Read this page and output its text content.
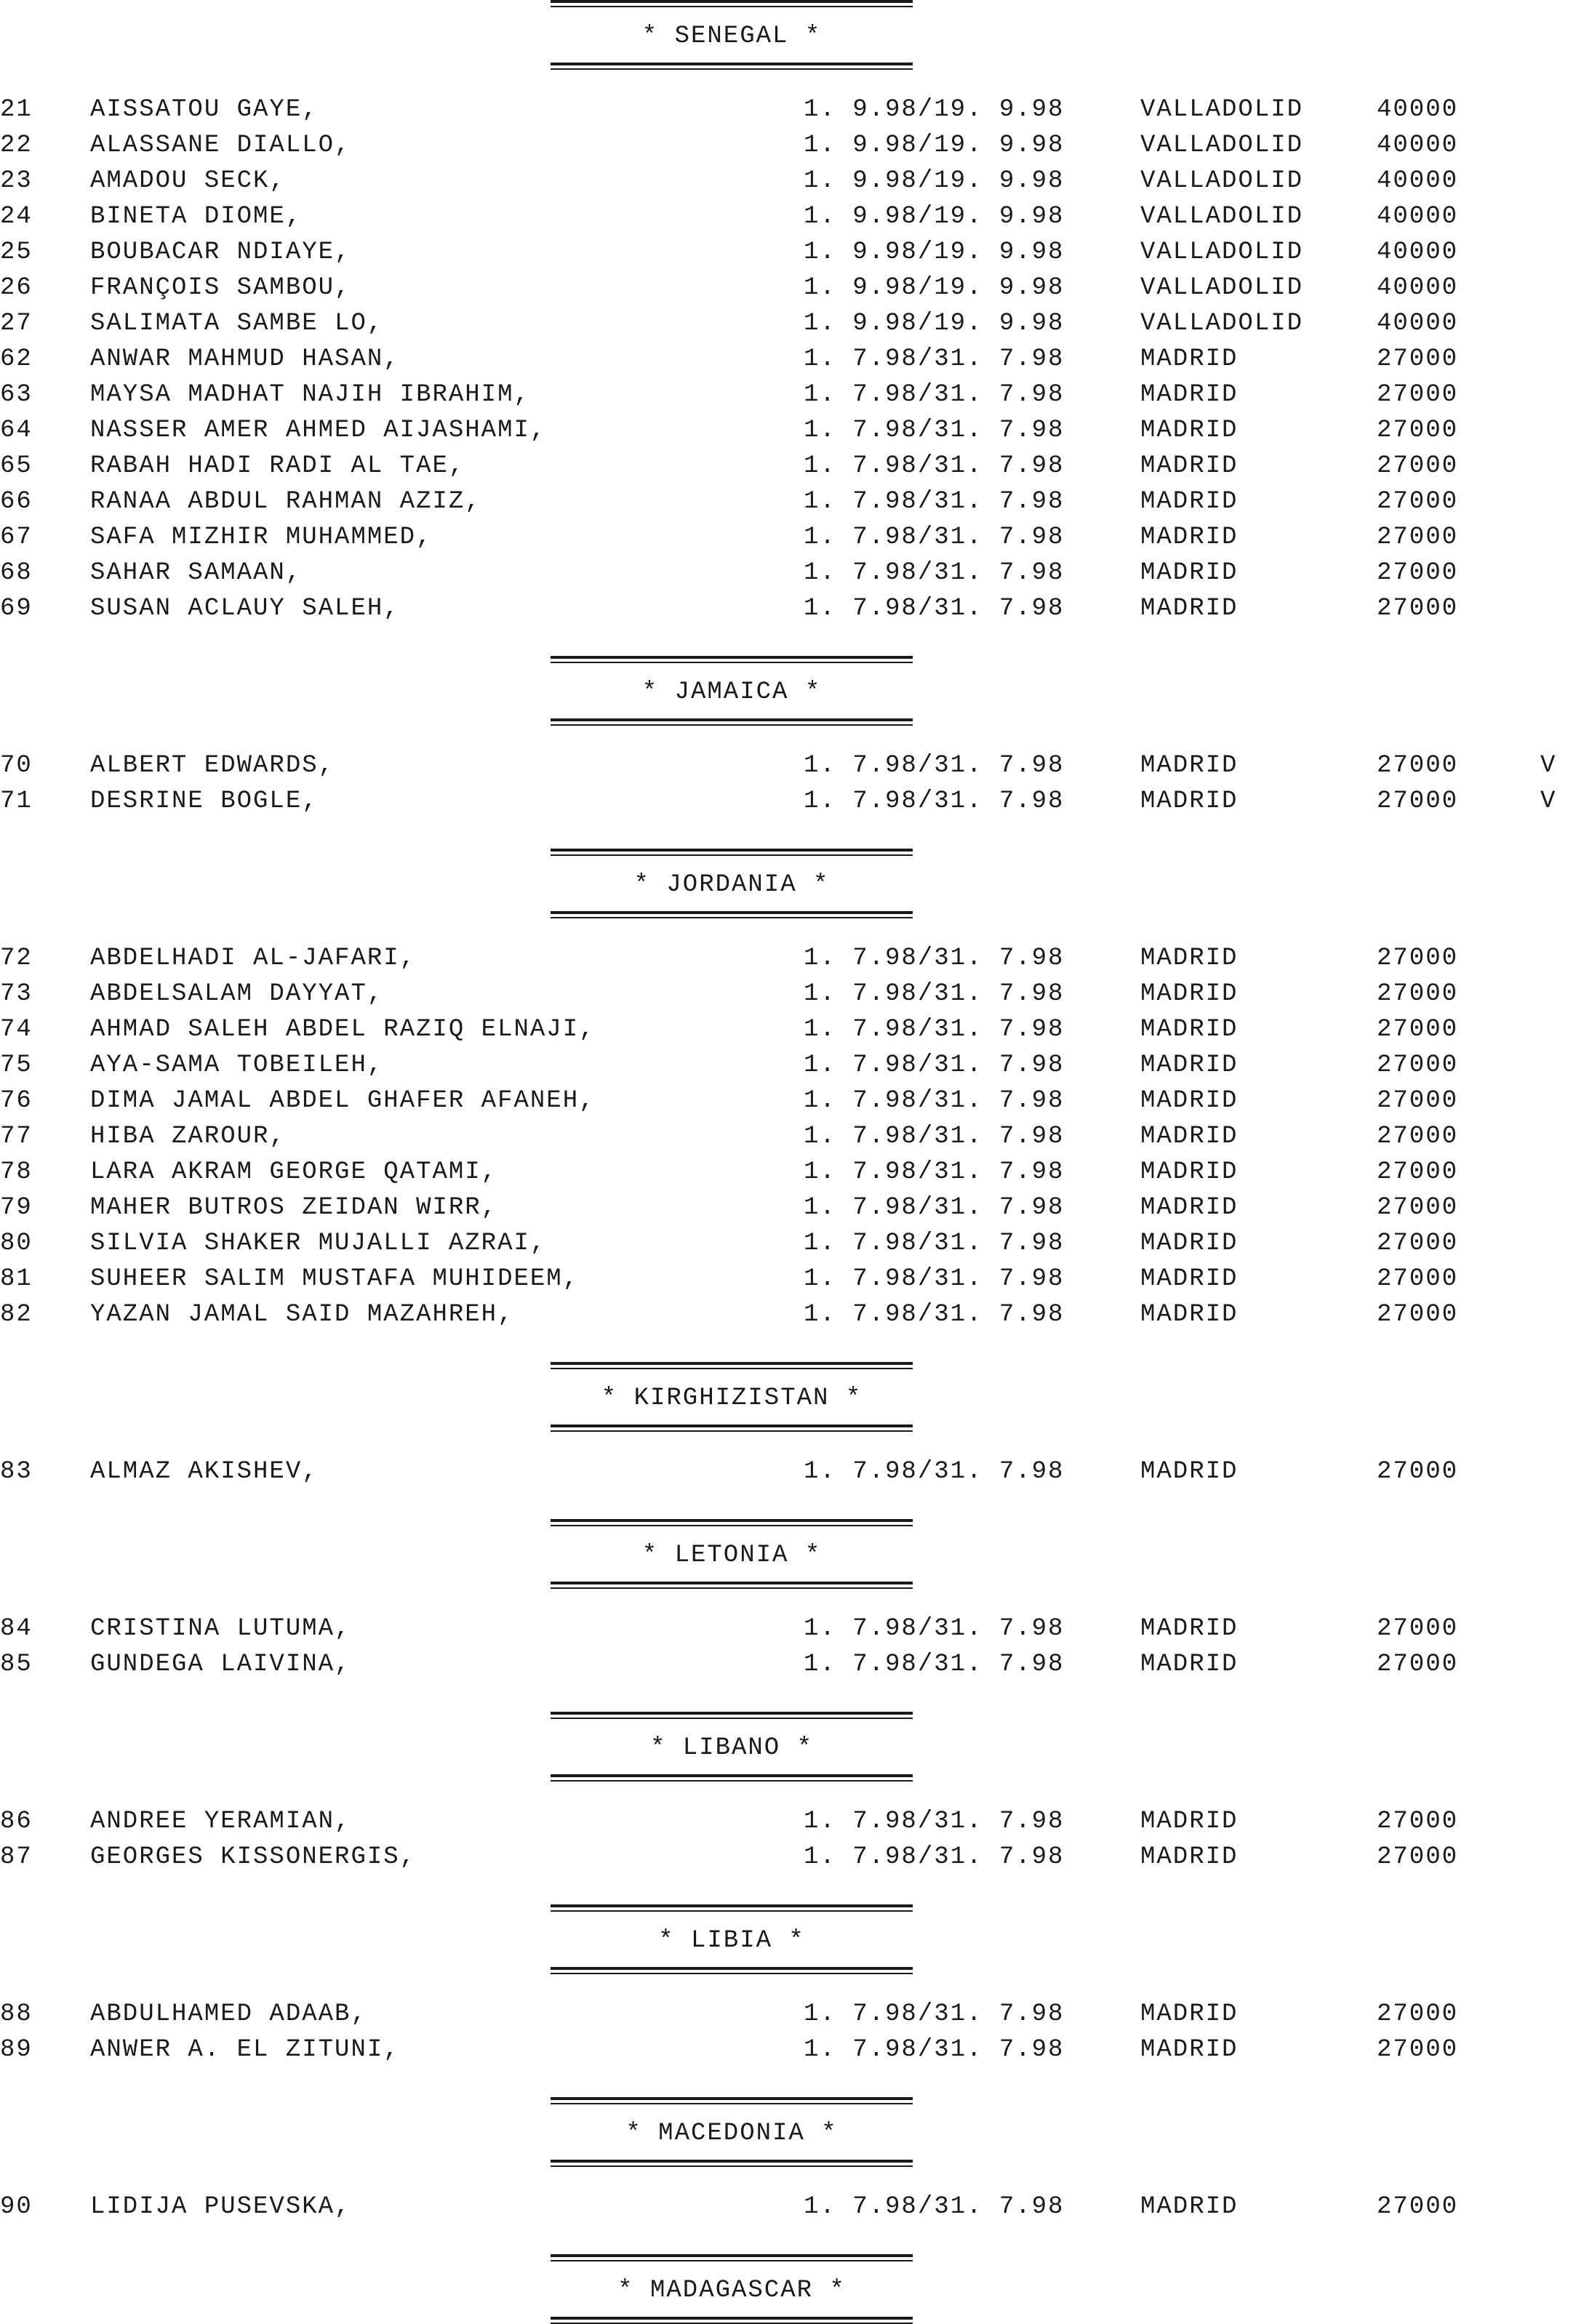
* SENEGAL *
21 AISSATOU GAYE,	1. 9.98/19. 9.98	VALLADOLID	40000
22 ALASSANE DIALLO,	1. 9.98/19. 9.98	VALLADOLID	40000
23 AMADOU SECK,	1. 9.98/19. 9.98	VALLADOLID	40000
24 BINETA DIOME,	1. 9.98/19. 9.98	VALLADOLID	40000
25 BOUBACAR NDIAYE,	1. 9.98/19. 9.98	VALLADOLID	40000
26 FRANÇOIS SAMBOU,	1. 9.98/19. 9.98	VALLADOLID	40000
27 SALIMATA SAMBE LO,	1. 9.98/19. 9.98	VALLADOLID	40000
62 ANWAR MAHMUD HASAN,	1. 7.98/31. 7.98	MADRID	27000
63 MAYSA MADHAT NAJIH IBRAHIM,	1. 7.98/31. 7.98	MADRID	27000
64 NASSER AMER AHMED AIJASHAMI,	1. 7.98/31. 7.98	MADRID	27000
65 RABAH HADI RADI AL TAE,	1. 7.98/31. 7.98	MADRID	27000
66 RANAA ABDUL RAHMAN AZIZ,	1. 7.98/31. 7.98	MADRID	27000
67 SAFA MIZHIR MUHAMMED,	1. 7.98/31. 7.98	MADRID	27000
68 SAHAR SAMAAN,	1. 7.98/31. 7.98	MADRID	27000
69 SUSAN ACLAUY SALEH,	1. 7.98/31. 7.98	MADRID	27000
* JAMAICA *
70 ALBERT EDWARDS,	1. 7.98/31. 7.98	MADRID	27000	V
71 DESRINE BOGLE,	1. 7.98/31. 7.98	MADRID	27000	V
* JORDANIA *
72 ABDELHADI AL-JAFARI,	1. 7.98/31. 7.98	MADRID	27000
73 ABDELSALAM DAYYAT,	1. 7.98/31. 7.98	MADRID	27000
74 AHMAD SALEH ABDEL RAZIQ ELNAJI,	1. 7.98/31. 7.98	MADRID	27000
75 AYA-SAMA TOBEILEH,	1. 7.98/31. 7.98	MADRID	27000
76 DIMA JAMAL ABDEL GHAFER AFANEH,	1. 7.98/31. 7.98	MADRID	27000
77 HIBA ZAROUR,	1. 7.98/31. 7.98	MADRID	27000
78 LARA AKRAM GEORGE QATAMI,	1. 7.98/31. 7.98	MADRID	27000
79 MAHER BUTROS ZEIDAN WIRR,	1. 7.98/31. 7.98	MADRID	27000
80 SILVIA SHAKER MUJALLI AZRAI,	1. 7.98/31. 7.98	MADRID	27000
81 SUHEER SALIM MUSTAFA MUHIDEEM,	1. 7.98/31. 7.98	MADRID	27000
82 YAZAN JAMAL SAID MAZAHREH,	1. 7.98/31. 7.98	MADRID	27000
* KIRGHIZISTAN *
83 ALMAZ AKISHEV,	1. 7.98/31. 7.98	MADRID	27000
* LETONIA *
84 CRISTINA LUTUMA,	1. 7.98/31. 7.98	MADRID	27000
85 GUNDEGA LAIVINA,	1. 7.98/31. 7.98	MADRID	27000
* LIBANO *
86 ANDREE YERAMIAN,	1. 7.98/31. 7.98	MADRID	27000
87 GEORGES KISSONERGIS,	1. 7.98/31. 7.98	MADRID	27000
* LIBIA *
88 ABDULHAMED ADAAB,	1. 7.98/31. 7.98	MADRID	27000
89 ANWER A. EL ZITUNI,	1. 7.98/31. 7.98	MADRID	27000
* MACEDONIA *
90 LIDIJA PUSEVSKA,	1. 7.98/31. 7.98	MADRID	27000
* MADAGASCAR *
